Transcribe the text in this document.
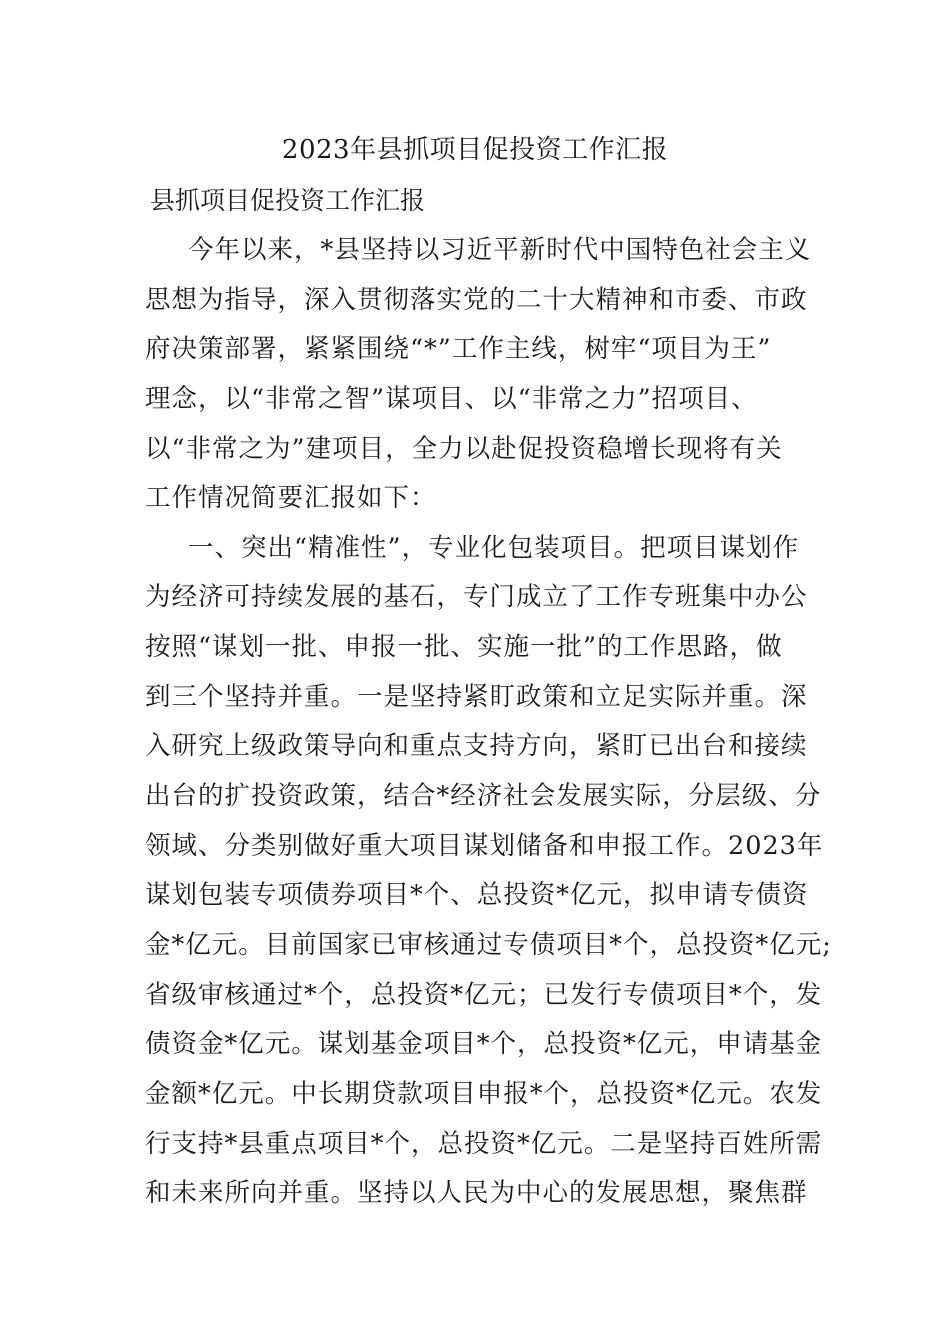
2023年县抓项目促投资工作汇报
县抓项目促投资工作汇报
今年以来，*县坚持以习近平新时代中国特色社会主义
思想为指导，深入贯彻落实党的二十大精神和市委、市政
府决策部署，紧紧围绕“*”工作主线，树牢“项目为王”
理念，以“非常之智”谋项目、以“非常之力”招项目、
以“非常之为”建项目，全力以赴促投资稳增长现将有关
工作情况简要汇报如下：
一、突出“精准性”，专业化包装项目。把项目谋划作
为经济可持续发展的基石，专门成立了工作专班集中办公
按照“谋划一批、申报一批、实施一批”的工作思路，做
到三个坚持并重。一是坚持紧盯政策和立足实际并重。深
入研究上级政策导向和重点支持方向，紧盯已出台和接续
出台的扩投资政策，结合*经济社会发展实际，分层级、分
领域、分类别做好重大项目谋划储备和申报工作。2023年
谋划包装专项债券项目*个、总投资*亿元，拟申请专债资
金*亿元。目前国家已审核通过专债项目*个，总投资*亿元;
省级审核通过*个，总投资*亿元；已发行专债项目*个，发
债资金*亿元。谋划基金项目*个，总投资*亿元，申请基金
金额*亿元。中长期贷款项目申报*个，总投资*亿元。农发
行支持*县重点项目*个，总投资*亿元。二是坚持百姓所需
和未来所向并重。坚持以人民为中心的发展思想，聚焦群
